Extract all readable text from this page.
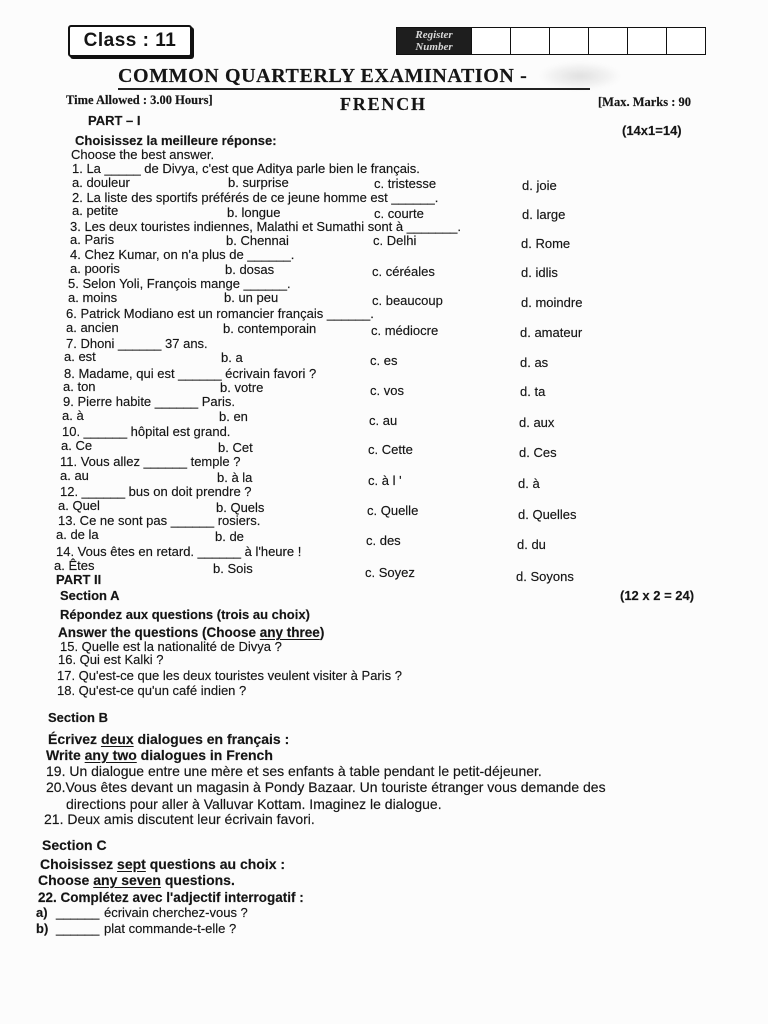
Class : 11	Register
Number
COMMON QUARTERLY EXAMINATION -
Time Allowed : 3.00 Hours]	FRENCH	[Max. Marks : 90
PART – I
(14x1=14)
Choisissez la meilleure réponse:
Choose the best answer.
1. La _____ de Divya, c'est que Aditya parle bien le français.
a. douleur	b. surprise	c. tristesse	d. joie
2. La liste des sportifs préférés de ce jeune homme est ______.
a. petite	b. longue	c. courte	d. large
3. Les deux touristes indiennes, Malathi et Sumathi sont à _______.
a. Paris	b. Chennai	c. Delhi	d. Rome
4. Chez Kumar, on n'a plus de ______.
a. pooris	b. dosas	c. céréales	d. idlis
5. Selon Yoli, François mange ______.
a. moins	b. un peu	c. beaucoup	d. moindre
6. Patrick Modiano est un romancier français ______.
a. ancien	b. contemporain	c. médiocre	d. amateur
7. Dhoni ______ 37 ans.
a. est	b. a	c. es	d. as
8. Madame, qui est ______ écrivain favori ?
a. ton	b. votre	c. vos	d. ta
9. Pierre habite ______ Paris.
a. à	b. en	c. au	d. aux
10. ______ hôpital est grand.
a. Ce	b. Cet	c. Cette	d. Ces
11. Vous allez ______ temple ?
a. au	b. à la	c. à l '	d. à
12. ______ bus on doit prendre ?
a. Quel	b. Quels	c. Quelle	d. Quelles
13. Ce ne sont pas ______ rosiers.
a. de la	b. de	c. des	d. du
14. Vous êtes en retard. ______ à l'heure !
a. Êtes	b. Sois	c. Soyez	d. Soyons
PART II
Section A	(12 x 2 = 24)
Répondez aux questions (trois au choix)
Answer the questions (Choose any three)
15. Quelle est la nationalité de Divya ?
16. Qui est Kalki ?
17. Qu'est-ce que les deux touristes veulent visiter à Paris ?
18. Qu'est-ce qu'un café indien ?
Section B
Écrivez deux dialogues en français :
Write any two dialogues in French
19. Un dialogue entre une mère et ses enfants à table pendant le petit-déjeuner.
20.Vous êtes devant un magasin à Pondy Bazaar. Un touriste étranger vous demande des
directions pour aller à Valluvar Kottam. Imaginez le dialogue.
21. Deux amis discutent leur écrivain favori.
Section C
Choisissez sept questions au choix :
Choose any seven questions.
22. Complétez avec l'adjectif interrogatif :
a) ______ écrivain cherchez-vous ?
b) ______ plat commande-t-elle ?
